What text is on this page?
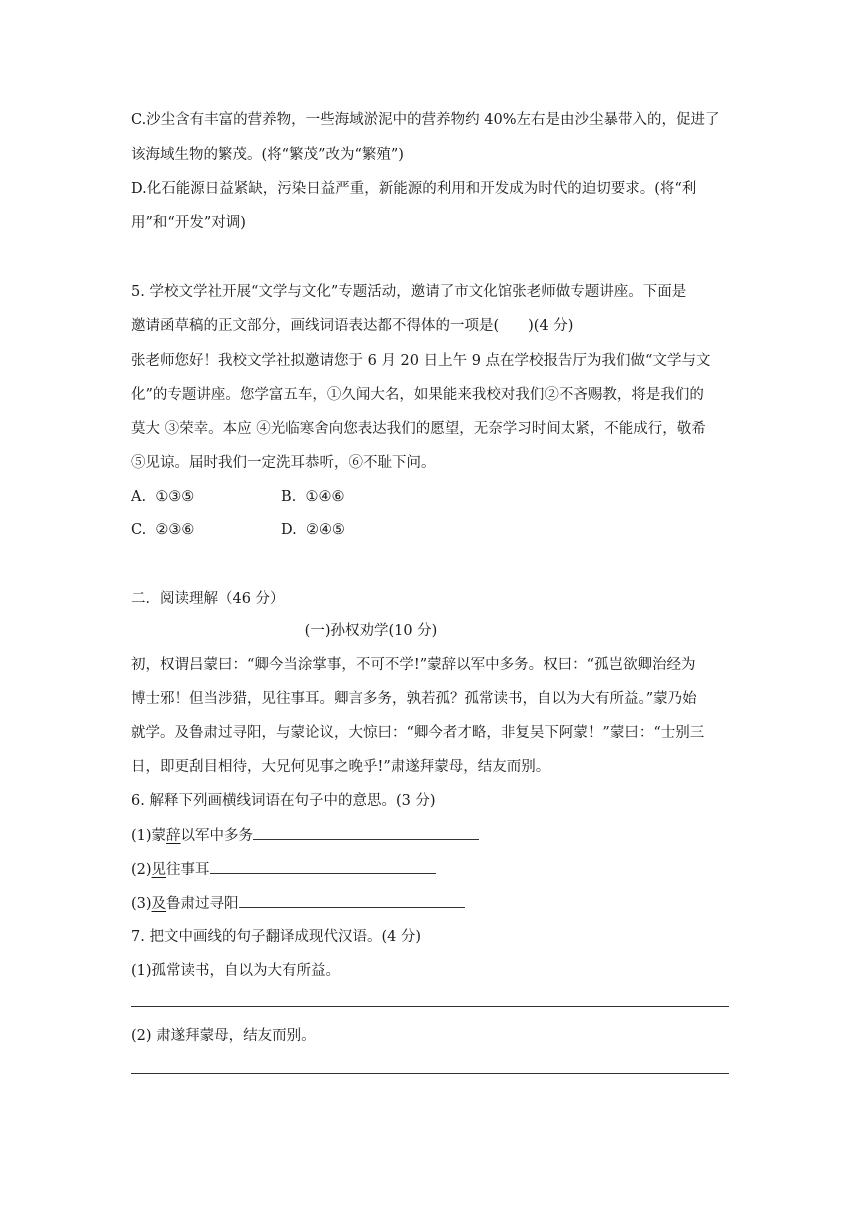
C.沙尘含有丰富的营养物，一些海域淤泥中的营养物约 40%左右是由沙尘暴带入的，促进了
该海域生物的繁茂。(将“繁茂”改为“繁殖”)
D.化石能源日益紧缺，污染日益严重，新能源的利用和开发成为时代的迫切要求。(将“利
用”和“开发”对调)
5. 学校文学社开展“文学与文化”专题活动，邀请了市文化馆张老师做专题讲座。下面是
邀请函草稿的正文部分，画线词语表达都不得体的一项是(　　)(4 分)
张老师您好！我校文学社拟邀请您于 6 月 20 日上午 9 点在学校报告厅为我们做“文学与文
化”的专题讲座。您学富五车，①久闻大名，如果能来我校对我们②不吝赐教，将是我们的
莫大 ③荣幸。本应 ④光临寒舍向您表达我们的愿望，无奈学习时间太紧，不能成行，敬希
⑤见谅。届时我们一定洗耳恭听，⑥不耻下问。
A. ①③⑤	B. ①④⑥
C. ②③⑥	D. ②④⑤
二．阅读理解（46 分）
(一)孙权劝学(10 分)
初，权谓吕蒙曰：“卿今当涂掌事，不可不学!”蒙辞以军中多务。权曰：“孤岂欲卿治经为
博士邪！但当涉猎，见往事耳。卿言多务，孰若孤？孤常读书，自以为大有所益。”蒙乃始
就学。及鲁肃过寻阳，与蒙论议，大惊曰：“卿今者才略，非复吴下阿蒙！”蒙曰：“士别三
日，即更刮目相待，大兄何见事之晚乎!”肃遂拜蒙母，结友而别。
6. 解释下列画横线词语在句子中的意思。(3 分)
(1)蒙辞以军中多务
(2)见往事耳
(3)及鲁肃过寻阳
7. 把文中画线的句子翻译成现代汉语。(4 分)
(1)孤常读书，自以为大有所益。
(2) 肃遂拜蒙母，结友而别。
